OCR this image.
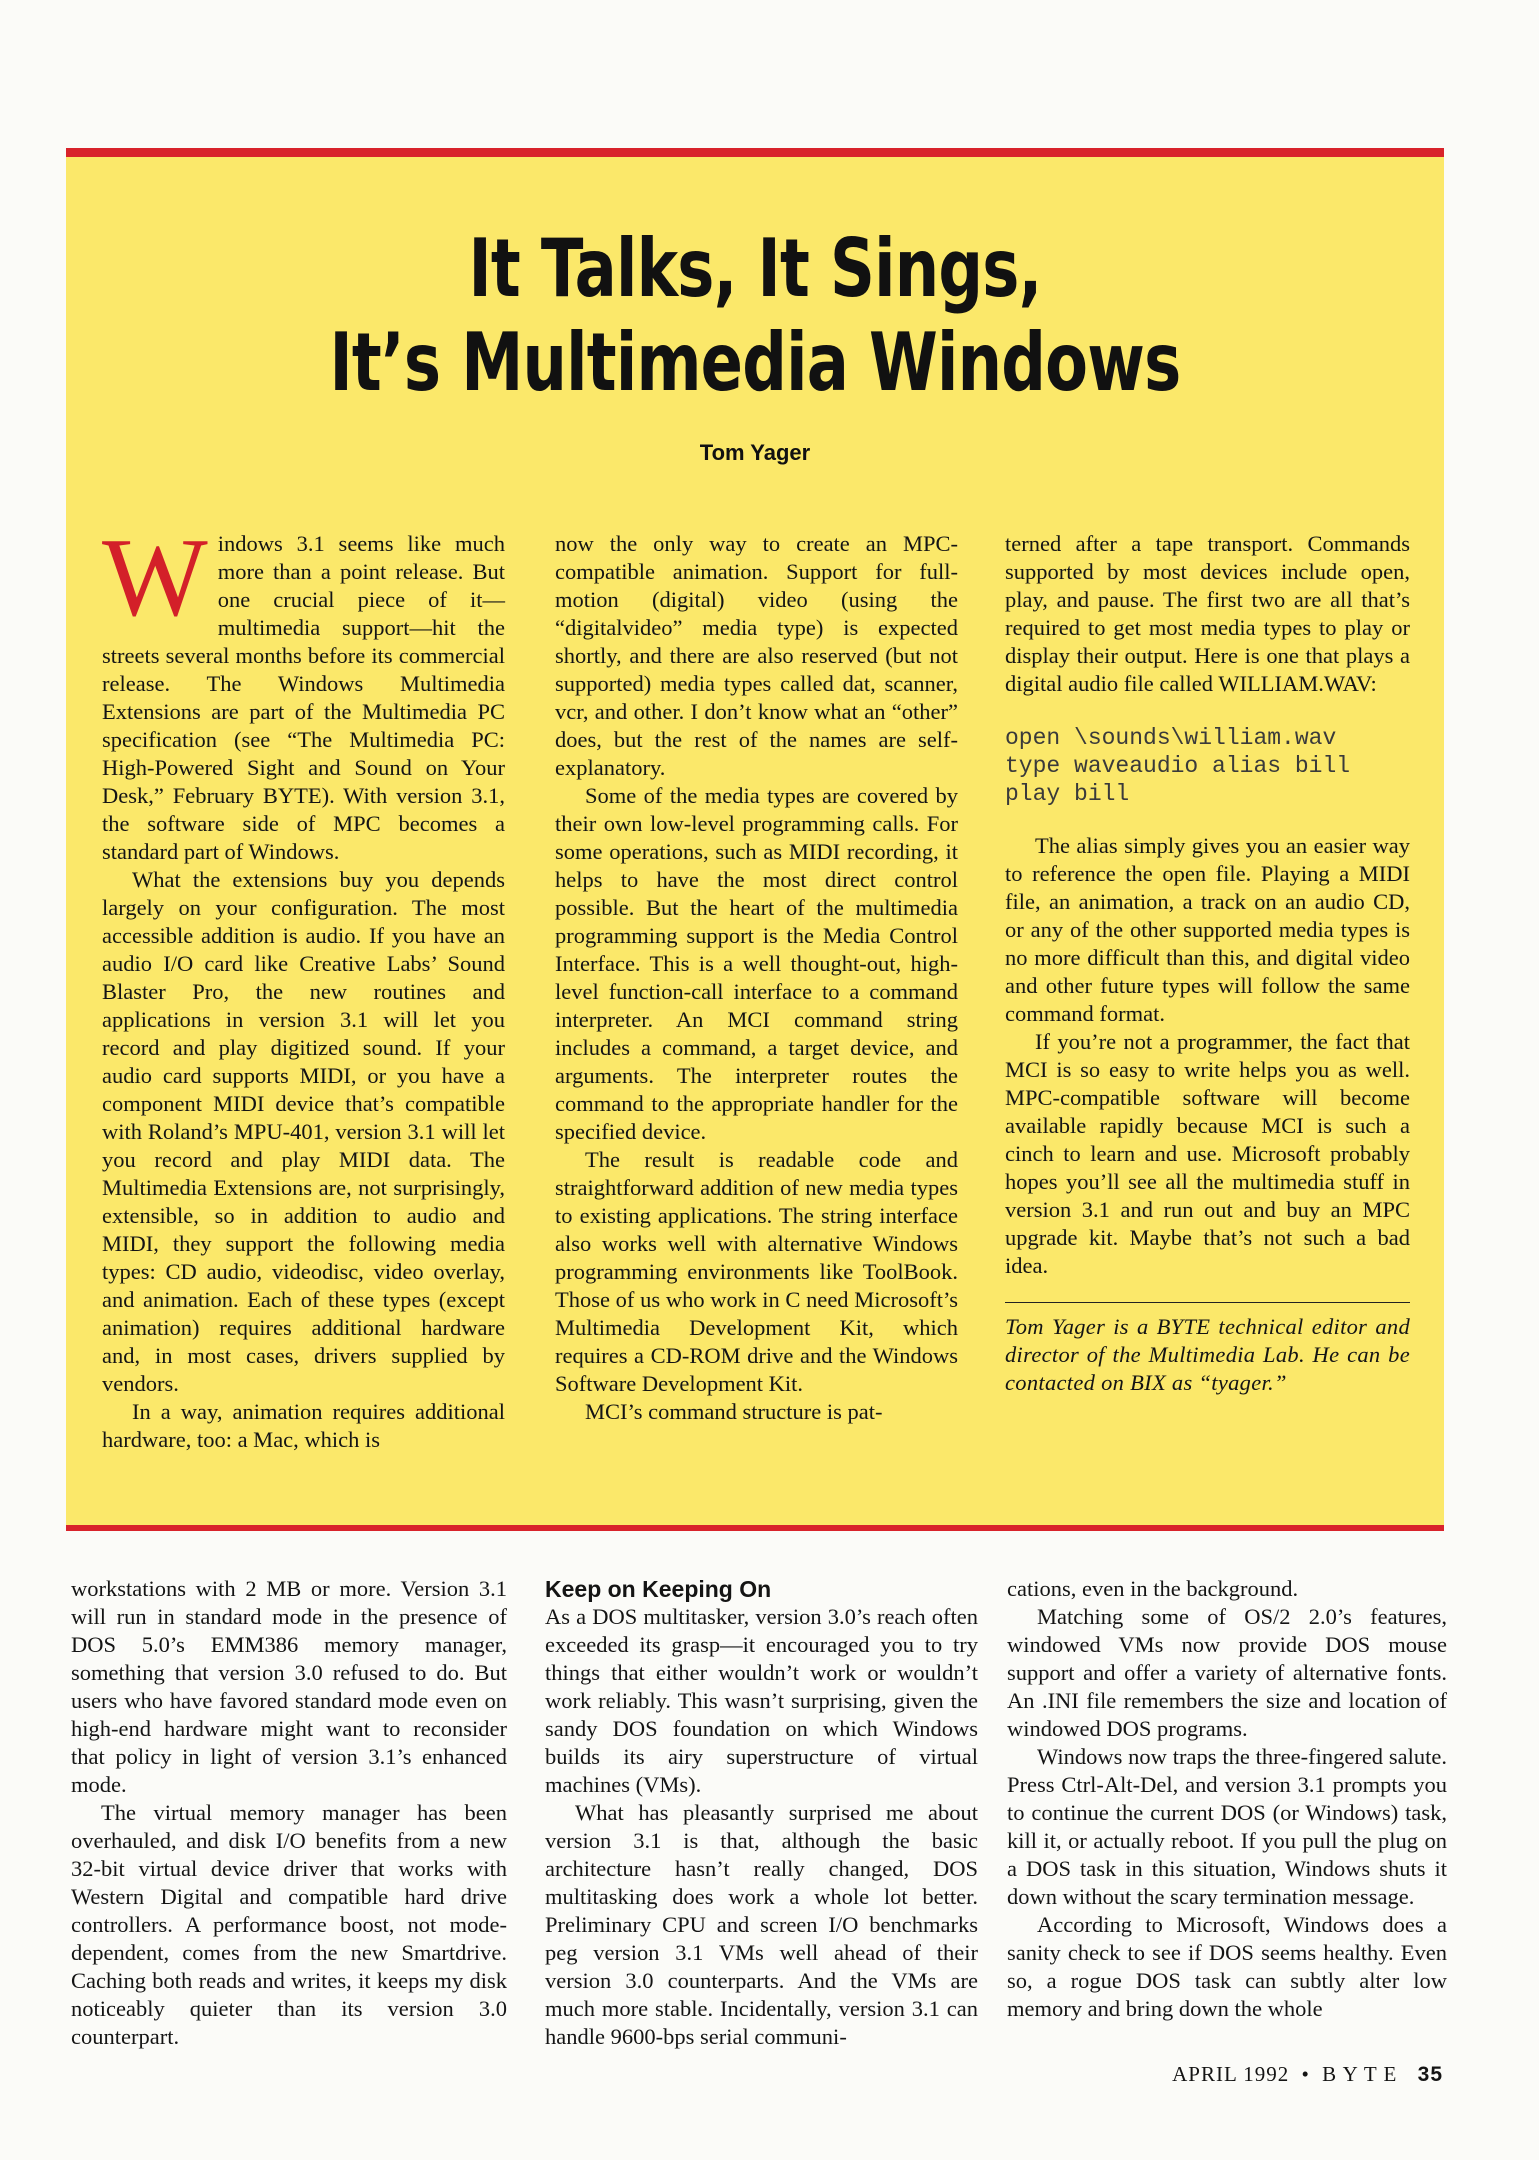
It Talks, It Sings,
It’s Multimedia Windows
Tom Yager

Windows 3.1 seems like much more than a point release. But one crucial piece of it—multimedia support—hit the streets several months before its commercial release. The Windows Multimedia Extensions are part of the Multimedia PC specification (see “The Multimedia PC: High-Powered Sight and Sound on Your Desk,” February BYTE). With version 3.1, the software side of MPC becomes a standard part of Windows.

What the extensions buy you depends largely on your configuration. The most accessible addition is audio. If you have an audio I/O card like Creative Labs’ Sound Blaster Pro, the new routines and applications in version 3.1 will let you record and play digitized sound. If your audio card supports MIDI, or you have a component MIDI device that’s compatible with Roland’s MPU-401, version 3.1 will let you record and play MIDI data. The Multimedia Extensions are, not surprisingly, extensible, so in addition to audio and MIDI, they support the following media types: CD audio, videodisc, video overlay, and animation. Each of these types (except animation) requires additional hardware and, in most cases, drivers supplied by vendors.

In a way, animation requires additional hardware, too: a Mac, which is

now the only way to create an MPC-compatible animation. Support for full-motion (digital) video (using the “digitalvideo” media type) is expected shortly, and there are also reserved (but not supported) media types called dat, scanner, vcr, and other. I don’t know what an “other” does, but the rest of the names are self-explanatory.

Some of the media types are covered by their own low-level programming calls. For some operations, such as MIDI recording, it helps to have the most direct control possible. But the heart of the multimedia programming support is the Media Control Interface. This is a well thought-out, high-level function-call interface to a command interpreter. An MCI command string includes a command, a target device, and arguments. The interpreter routes the command to the appropriate handler for the specified device.

The result is readable code and straightforward addition of new media types to existing applications. The string interface also works well with alternative Windows programming environments like ToolBook. Those of us who work in C need Microsoft’s Multimedia Development Kit, which requires a CD-ROM drive and the Windows Software Development Kit.

MCI’s command structure is pat-

terned after a tape transport. Commands supported by most devices include open, play, and pause. The first two are all that’s required to get most media types to play or display their output. Here is one that plays a digital audio file called WILLIAM.WAV:

open \sounds\william.wav
type waveaudio alias bill
play bill

The alias simply gives you an easier way to reference the open file. Playing a MIDI file, an animation, a track on an audio CD, or any of the other supported media types is no more difficult than this, and digital video and other future types will follow the same command format.

If you’re not a programmer, the fact that MCI is so easy to write helps you as well. MPC-compatible software will become available rapidly because MCI is such a cinch to learn and use. Microsoft probably hopes you’ll see all the multimedia stuff in version 3.1 and run out and buy an MPC upgrade kit. Maybe that’s not such a bad idea.

Tom Yager is a BYTE technical editor and director of the Multimedia Lab. He can be contacted on BIX as “tyager.”

workstations with 2 MB or more. Version 3.1 will run in standard mode in the presence of DOS 5.0’s EMM386 memory manager, something that version 3.0 refused to do. But users who have favored standard mode even on high-end hardware might want to reconsider that policy in light of version 3.1’s enhanced mode.

The virtual memory manager has been overhauled, and disk I/O benefits from a new 32-bit virtual device driver that works with Western Digital and compatible hard drive controllers. A performance boost, not mode-dependent, comes from the new Smartdrive. Caching both reads and writes, it keeps my disk noticeably quieter than its version 3.0 counterpart.

Keep on Keeping On

As a DOS multitasker, version 3.0’s reach often exceeded its grasp—it encouraged you to try things that either wouldn’t work or wouldn’t work reliably. This wasn’t surprising, given the sandy DOS foundation on which Windows builds its airy superstructure of virtual machines (VMs).

What has pleasantly surprised me about version 3.1 is that, although the basic architecture hasn’t really changed, DOS multitasking does work a whole lot better. Preliminary CPU and screen I/O benchmarks peg version 3.1 VMs well ahead of their version 3.0 counterparts. And the VMs are much more stable. Incidentally, version 3.1 can handle 9600-bps serial communi-

cations, even in the background.

Matching some of OS/2 2.0’s features, windowed VMs now provide DOS mouse support and offer a variety of alternative fonts. An .INI file remembers the size and location of windowed DOS programs.

Windows now traps the three-fingered salute. Press Ctrl-Alt-Del, and version 3.1 prompts you to continue the current DOS (or Windows) task, kill it, or actually reboot. If you pull the plug on a DOS task in this situation, Windows shuts it down without the scary termination message.

According to Microsoft, Windows does a sanity check to see if DOS seems healthy. Even so, a rogue DOS task can subtly alter low memory and bring down the whole

APRIL 1992 • B Y T E 35
